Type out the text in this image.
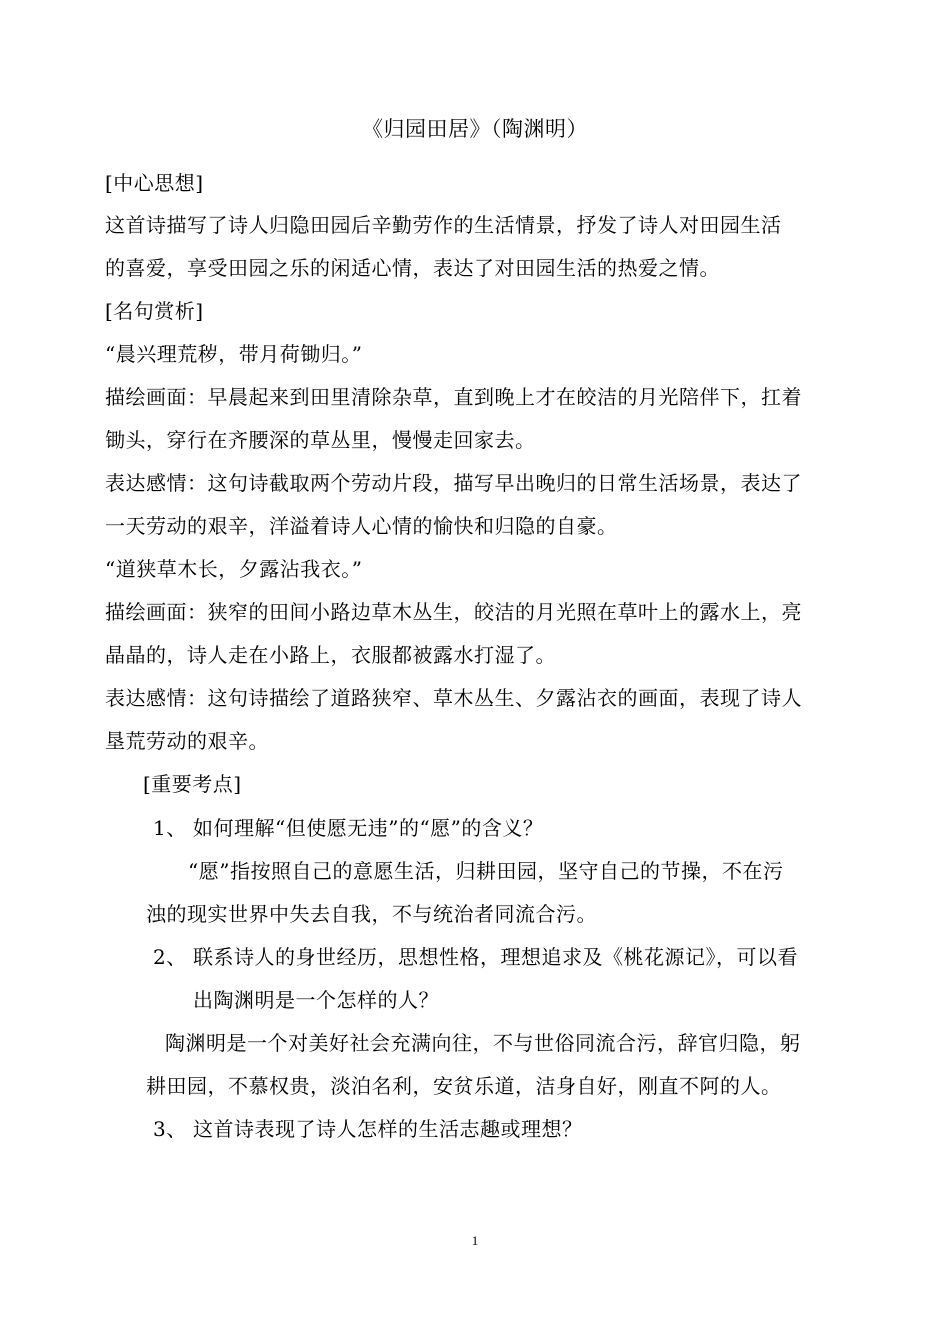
《归园田居》（陶渊明）
[中心思想]
这首诗描写了诗人归隐田园后辛勤劳作的生活情景，抒发了诗人对田园生活
的喜爱，享受田园之乐的闲适心情，表达了对田园生活的热爱之情。
[名句赏析]
“晨兴理荒秽，带月荷锄归。”
描绘画面：早晨起来到田里清除杂草，直到晚上才在皎洁的月光陪伴下，扛着
锄头，穿行在齐腰深的草丛里，慢慢走回家去。
表达感情：这句诗截取两个劳动片段，描写早出晚归的日常生活场景，表达了
一天劳动的艰辛，洋溢着诗人心情的愉快和归隐的自豪。
“道狭草木长，夕露沾我衣。”
描绘画面：狭窄的田间小路边草木丛生，皎洁的月光照在草叶上的露水上，亮
晶晶的，诗人走在小路上，衣服都被露水打湿了。
表达感情：这句诗描绘了道路狭窄、草木丛生、夕露沾衣的画面，表现了诗人
垦荒劳动的艰辛。
[重要考点]
1、 如何理解“但使愿无违”的“愿”的含义？
“愿”指按照自己的意愿生活，归耕田园，坚守自己的节操，不在污
浊的现实世界中失去自我，不与统治者同流合污。
2、 联系诗人的身世经历，思想性格，理想追求及《桃花源记》，可以看
出陶渊明是一个怎样的人？
陶渊明是一个对美好社会充满向往，不与世俗同流合污，辞官归隐，躬
耕田园，不慕权贵，淡泊名利，安贫乐道，洁身自好，刚直不阿的人。
3、 这首诗表现了诗人怎样的生活志趣或理想？
1
